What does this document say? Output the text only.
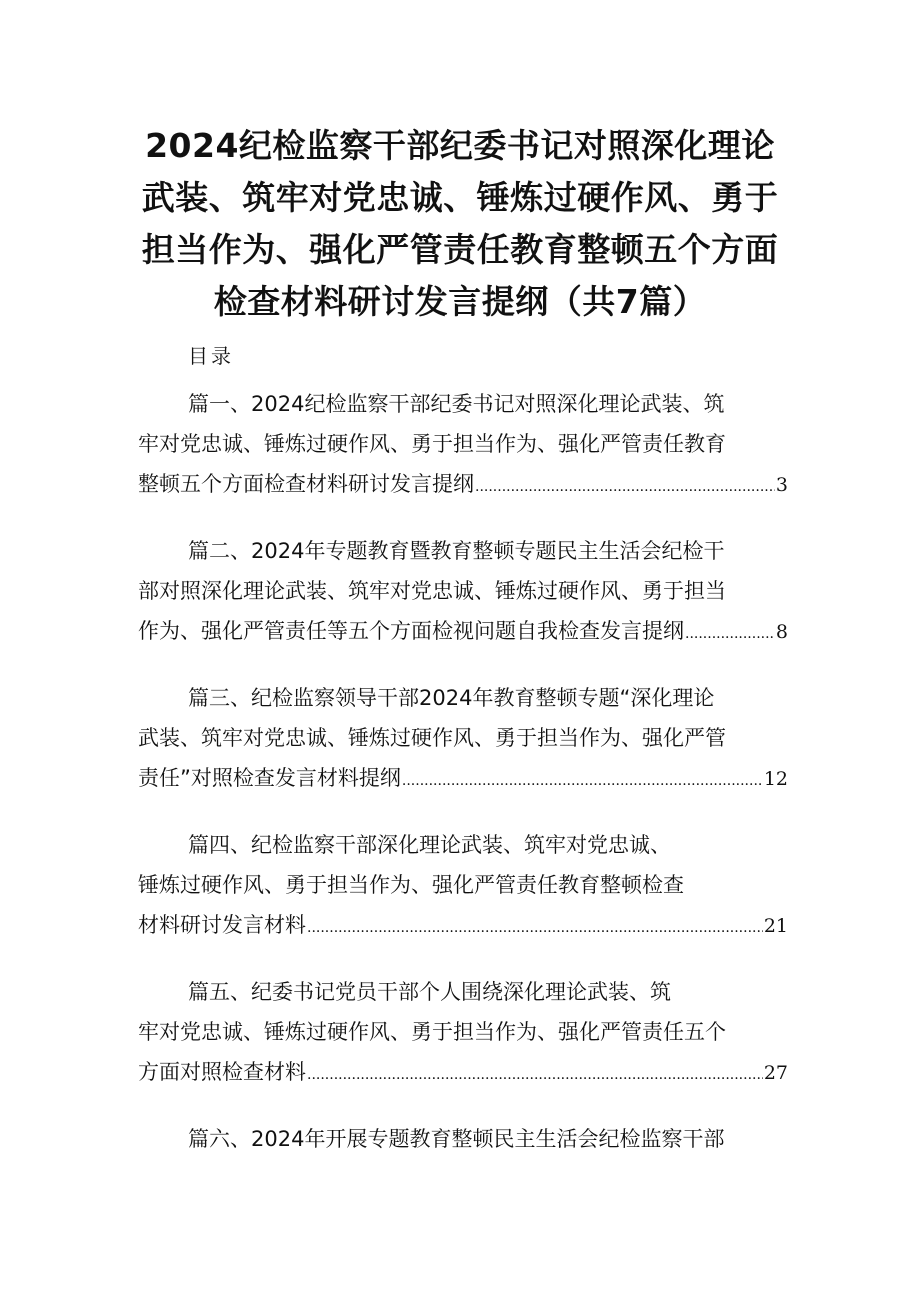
2024纪检监察干部纪委书记对照深化理论
武装、筑牢对党忠诚、锤炼过硬作风、勇于
担当作为、强化严管责任教育整顿五个方面
检查材料研讨发言提纲（共7篇）
目录
篇一、2024纪检监察干部纪委书记对照深化理论武装、筑
牢对党忠诚、锤炼过硬作风、勇于担当作为、强化严管责任教育
整顿五个方面检查材料研讨发言提纲 .....	3
篇二、2024年专题教育暨教育整顿专题民主生活会纪检干
部对照深化理论武装、筑牢对党忠诚、锤炼过硬作风、勇于担当
作为、强化严管责任等五个方面检视问题自我检查发言提纲 .....	8
篇三、纪检监察领导干部2024年教育整顿专题“深化理论
武装、筑牢对党忠诚、锤炼过硬作风、勇于担当作为、强化严管
责任”对照检查发言材料提纲 .....	12
篇四、纪检监察干部深化理论武装、筑牢对党忠诚、
锤炼过硬作风、勇于担当作为、强化严管责任教育整顿检查
材料研讨发言材料 .....	21
篇五、纪委书记党员干部个人围绕深化理论武装、筑
牢对党忠诚、锤炼过硬作风、勇于担当作为、强化严管责任五个
方面对照检查材料 .....	27
篇六、2024年开展专题教育整顿民主生活会纪检监察干部
